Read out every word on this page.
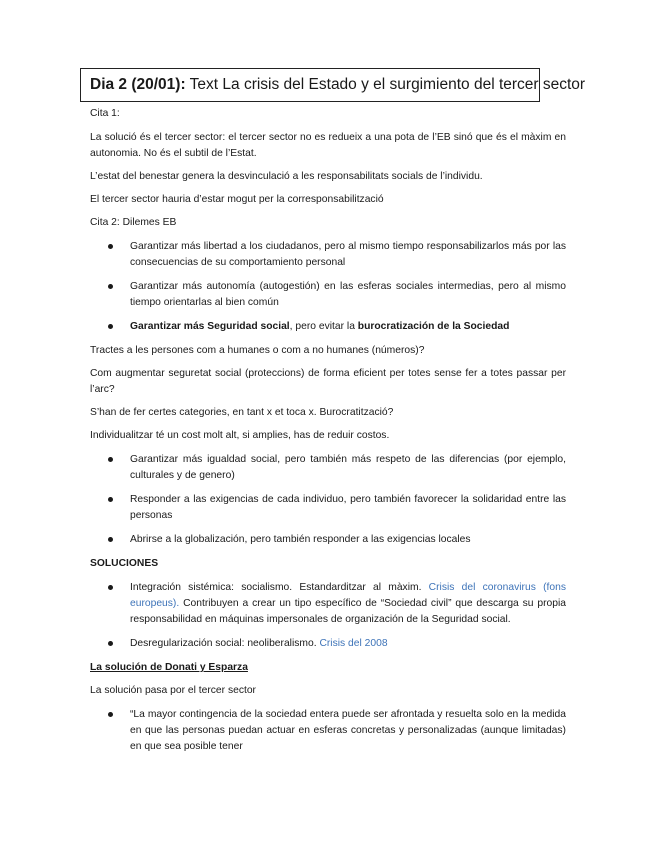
Dia 2 (20/01): Text La crisis del Estado y el surgimiento del tercer sector

Cita 1:

La solució és el tercer sector: el tercer sector no es redueix a una pota de l’EB sinó que és el màxim en autonomia. No és el subtil de l’Estat.

L’estat del benestar genera la desvinculació a les responsabilitats socials de l’individu.

El tercer sector hauria d’estar mogut per la corresponsabilització

Cita 2: Dilemes EB

Garantizar más libertad a los ciudadanos, pero al mismo tiempo responsabilizarlos más por las consecuencias de su comportamiento personal
Garantizar más autonomía (autogestión) en las esferas sociales intermedias, pero al mismo tiempo orientarlas al bien común
Garantizar más Seguridad social, pero evitar la burocratización de la Sociedad

Tractes a les persones com a humanes o com a no humanes (números)?

Com augmentar seguretat social (proteccions) de forma eficient per totes sense fer a totes passar per l’arc?

S’han de fer certes categories, en tant x et toca x. Burocratització?

Individualitzar té un cost molt alt, si amplies, has de reduir costos.

Garantizar más igualdad social, pero también más respeto de las diferencias (por ejemplo, culturales y de genero)
Responder a las exigencias de cada individuo, pero también favorecer la solidaridad entre las personas
Abrirse a la globalización, pero también responder a las exigencias locales

SOLUCIONES

Integración sistémica: socialismo. Estandarditzar al màxim. Crisis del coronavirus (fons europeus). Contribuyen a crear un tipo específico de “Sociedad civil” que descarga su propia responsabilidad en máquinas impersonales de organización de la Seguridad social.
Desregularización social: neoliberalismo. Crisis del 2008

La solución de Donati y Esparza

La solución pasa por el tercer sector

“La mayor contingencia de la sociedad entera puede ser afrontada y resuelta solo en la medida en que las personas puedan actuar en esferas concretas y personalizadas (aunque limitadas) en que sea posible tener
